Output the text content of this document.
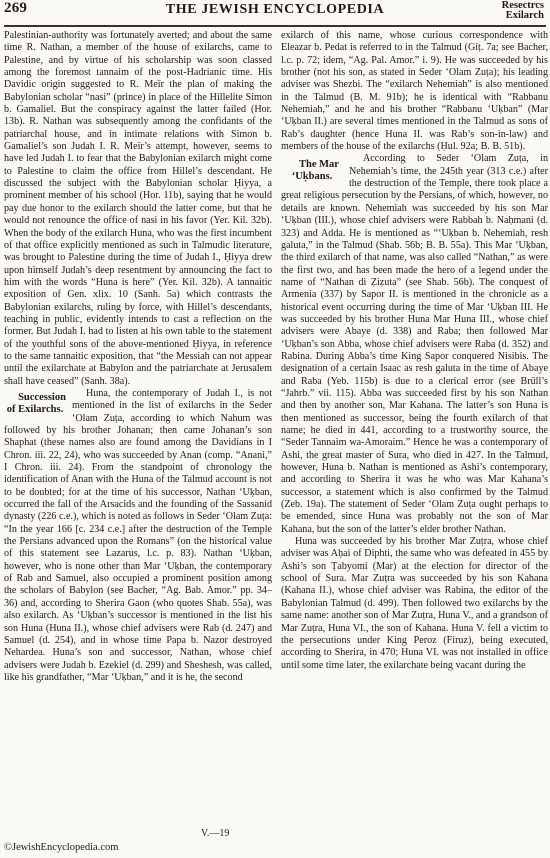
269	THE JEWISH ENCYCLOPEDIA	Resectrcs
Exilarch

Palestinian-authority was fortunately averted; and about the same time R. Nathan, a member of the house of exilarchs, came to Palestine, and by virtue of his scholarship was soon classed among the foremost tannaim of the post-Hadrianic time. His Davidic origin suggested to R. Meïr the plan of making the Babylonian scholar “nasi” (prince) in place of the Hillelite Simon b. Gamaliel. But the conspiracy against the latter failed (Hor. 13b). R. Nathan was subsequently among the confidants of the patriarchal house, and in intimate relations with Simon b. Gamaliel’s son Judah I. R. Meïr’s attempt, however, seems to have led Judah I. to fear that the Babylonian exilarch might come to Palestine to claim the office from Hillel’s descendant. He discussed the subject with the Babylonian scholar Ḥiyya, a prominent member of his school (Hor. 11b), saying that he would pay due honor to the exilarch should the latter come, but that he would not renounce the office of nasi in his favor (Yer. Kil. 32b). When the body of the exilarch Huna, who was the first incumbent of that office explicitly mentioned as such in Talmudic literature, was brought to Palestine during the time of Judah I., Ḥiyya drew upon himself Judah’s deep resentment by announcing the fact to him with the words “Huna is here” (Yer. Kil. 32b). A tannaitic exposition of Gen. xlix. 10 (Sanh. 5a) which contrasts the Babylonian exilarchs, ruling by force, with Hillel’s descendants, teaching in public, evidently intends to cast a reflection on the former. But Judah I. had to listen at his own table to the statement of the youthful sons of the above-mentioned Ḥiyya, in reference to the same tannaitic exposition, that “the Messiah can not appear until the exilarchate at Babylon and the patriarchate at Jerusalem shall have ceased” (Sanh. 38a).

Succession of Exilarchs.
Huna, the contemporary of Judah I., is not mentioned in the list of exilarchs in the Seder ‘Olam Zuṭa, according to which Nahum was followed by his brother Johanan; then came Johanan’s son Shaphat (these names also are found among the Davidians in I Chron. iii. 22, 24), who was succeeded by Anan (comp. “Anani,” I Chron. iii. 24). From the standpoint of chronology the identification of Anan with the Huna of the Talmud account is not to be doubted; for at the time of his successor, Nathan ‘Uḳban, occurred the fall of the Arsacids and the founding of the Sassanid dynasty (226 c.e.), which is noted as follows in Seder ‘Olam Zuṭa: “In the year 166 [c. 234 c.e.] after the destruction of the Temple the Persians advanced upon the Romans” (on the historical value of this statement see Lazarus, l.c. p. 83). Nathan ‘Uḳban, however, who is none other than Mar ‘Uḳban, the contemporary of Rab and Samuel, also occupied a prominent position among the scholars of Babylon (see Bacher, “Ag. Bab. Amor.” pp. 34–36) and, according to Sherira Gaon (who quotes Shab. 55a), was also exilarch. As ‘Uḳban’s successor is mentioned in the list his son Huna (Huna II.), whose chief advisers were Rab (d. 247) and Samuel (d. 254), and in whose time Papa b. Nazor destroyed Nehardea. Huna’s son and successor, Nathan, whose chief advisers were Judah b. Ezekiel (d. 299) and Sheshesh, was called, like his grandfather, “Mar ‘Uḳban,” and it is he, the second

exilarch of this name, whose curious correspondence with Eleazar b. Pedat is referred to in the Talmud (Giṭ. 7a; see Bacher, l.c. p. 72; idem, “Ag. Pal. Amor.” i. 9). He was succeeded by his brother (not his son, as stated in Seder ‘Olam Zuṭa); his leading adviser was Shezbi. The “exilarch Nehemiah” is also mentioned in the Talmud (B. M. 91b); he is identical with “Rabbanu Nehemiah,” and he and his brother “Rabbanu ‘Uḳban” (Mar ‘Uḳban II.) are several times mentioned in the Talmud as sons of Rab’s daughter (hence Huna II. was Rab’s son-in-law) and members of the house of the exilarchs (Ḥul. 92a; B. B. 51b).

The Mar ‘Uḳbans.
According to Seder ‘Olam Zuṭa, in Nehemiah’s time, the 245th year (313 c.e.) after the destruction of the Temple, there took place a great religious persecution by the Persians, of which, however, no details are known. Nehemiah was succeeded by his son Mar ‘Uḳban (III.), whose chief advisers were Rabbah b. Naḥmani (d. 323) and Adda. He is mentioned as “‘Uḳban b. Nehemiah, resh galuta,” in the Talmud (Shab. 56b; B. B. 55a). This Mar ‘Uḳban, the third exilarch of that name, was also called “Nathan,” as were the first two, and has been made the hero of a legend under the name of “Nathan di Ẓiẓuta” (see Shab. 56b). The conquest of Armenia (337) by Sapor II. is mentioned in the chronicle as a historical event occurring during the time of Mar ‘Uḳban III. He was succeeded by his brother Huna Mar Huna III., whose chief advisers were Abaye (d. 338) and Raba; then followed Mar ‘Uḳban’s son Abba, whose chief advisers were Raba (d. 352) and Rabina. During Abba’s time King Sapor conquered Nisibis. The designation of a certain Isaac as resh galuta in the time of Abaye and Raba (Yeb. 115b) is due to a clerical error (see Brüll’s “Jahrb.” vii. 115). Abba was succeeded first by his son Nathan and then by another son, Mar Kahana. The latter’s son Huna is then mentioned as successor, being the fourth exilarch of that name; he died in 441, according to a trustworthy source, the “Seder Tannaim wa-Amoraim.” Hence he was a contemporary of Ashi, the great master of Sura, who died in 427. In the Talmud, however, Huna b. Nathan is mentioned as Ashi’s contemporary, and according to Sherira it was he who was Mar Kahana’s successor, a statement which is also confirmed by the Talmud (Zeb. 19a). The statement of Seder ‘Olam Zuṭa ought perhaps to be emended, since Huna was probably not the son of Mar Kahana, but the son of the latter’s elder brother Nathan.

Huna was succeeded by his brother Mar Zuṭra, whose chief adviser was Aḥai of Diphti, the same who was defeated in 455 by Ashi’s son Ṭabyomi (Mar) at the election for director of the school of Sura. Mar Zuṭra was succeeded by his son Kahana (Kahana II.), whose chief adviser was Rabina, the editor of the Babylonian Talmud (d. 499). Then followed two exilarchs by the same name: another son of Mar Zuṭra, Huna V., and a grandson of Mar Zuṭra, Huna VI., the son of Kahana. Huna V. fell a victim to the persecutions under King Peroz (Firuz), being executed, according to Sherira, in 470; Huna VI. was not installed in office until some time later, the exilarchate being vacant during the

V.—19
©JewishEncyclopedia.com
